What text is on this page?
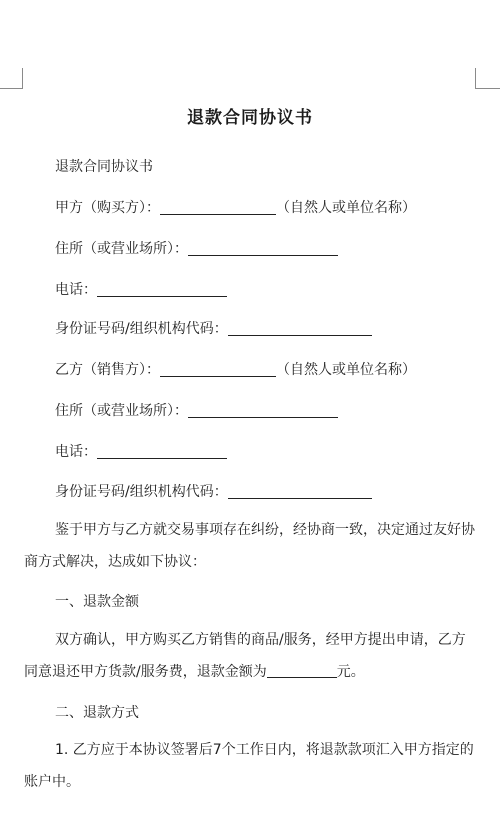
退款合同协议书
退款合同协议书
甲方（购买方）：	（自然人或单位名称）
住所（或营业场所）：
电话：
身份证号码/组织机构代码：
乙方（销售方）：	（自然人或单位名称）
住所（或营业场所）：
电话：
身份证号码/组织机构代码：
鉴于甲方与乙方就交易事项存在纠纷，经协商一致，决定通过友好协商方式解决，达成如下协议：
一、退款金额
双方确认，甲方购买乙方销售的商品/服务，经甲方提出申请，乙方同意退还甲方货款/服务费，退款金额为	元。
二、退款方式
1. 乙方应于本协议签署后7个工作日内，将退款款项汇入甲方指定的账户中。
